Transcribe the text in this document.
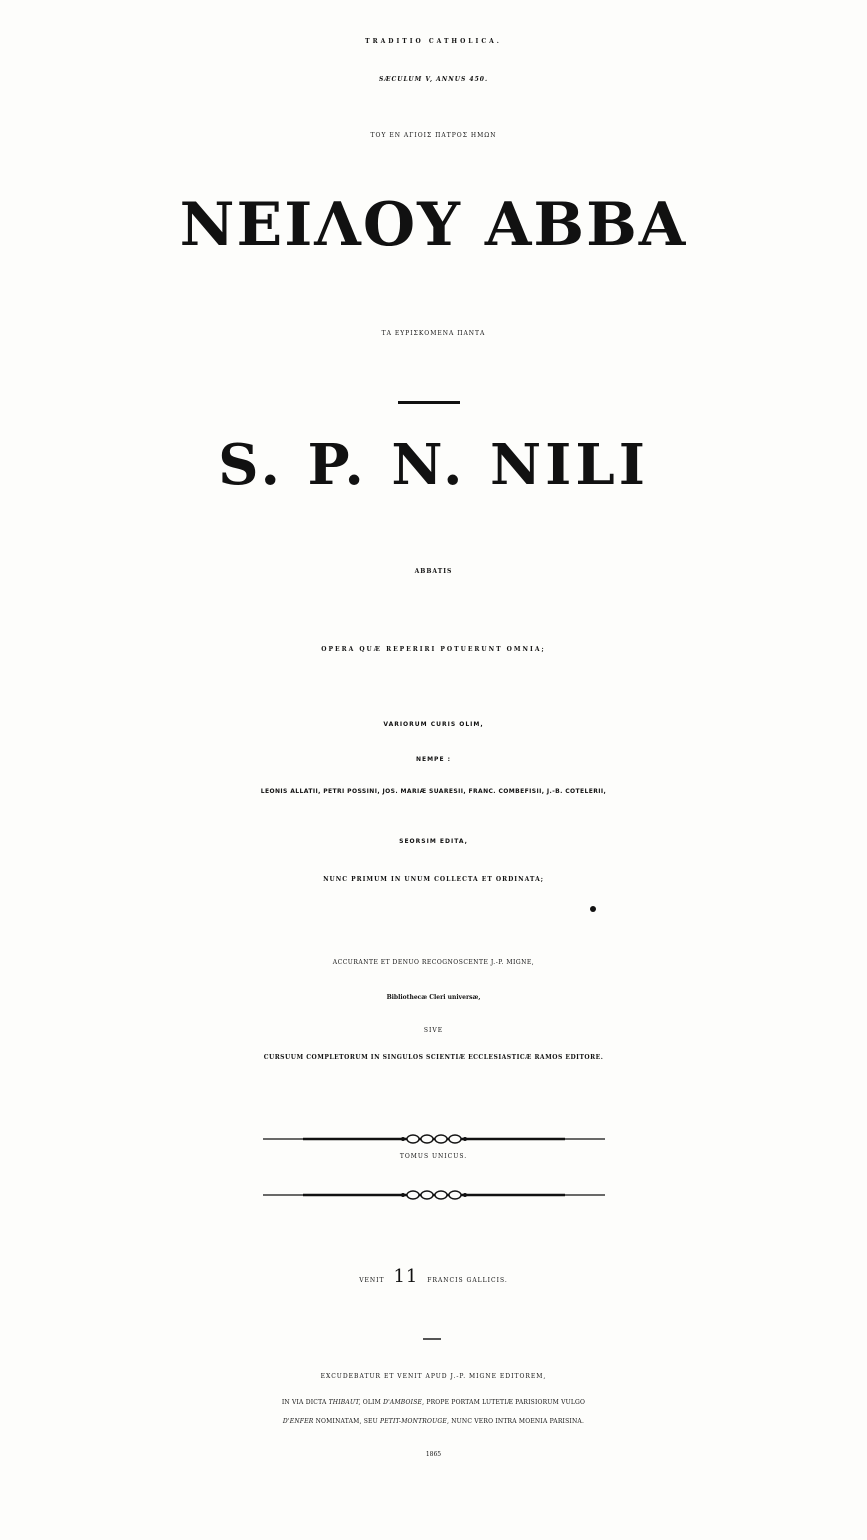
TRADITIO CATHOLICA.
SÆCULUM V, ANNUS 450.
ΤΟΥ ΕΝ ΑΓΙΟΙΣ ΠΑΤΡΟΣ ΗΜΩΝ
ΝΕΙΛΟΥ ΑΒΒΑ
ΤΑ ΕΥΡΙΣΚΟΜΕΝΑ ΠΑΝΤΑ
S. P. N. NILI
ABBATIS
OPERA QUÆ REPERIRI POTUERUNT OMNIA;
VARIORUM CURIS OLIM,
NEMPE :
LEONIS ALLATII, PETRI POSSINI, JOS. MARIÆ SUARESII, FRANC. COMBEFISII, J.-B. COTELERII,
SEORSIM EDITA,
NUNC PRIMUM IN UNUM COLLECTA ET ORDINATA;
ACCURANTE ET DENUO RECOGNOSCENTE J.-P. MIGNE,
Bibliothecæ Cleri universæ,
SIVE
CURSUUM COMPLETORUM IN SINGULOS SCIENTIÆ ECCLESIASTICÆ RAMOS EDITORE.
TOMUS UNICUS.
VENIT 11 FRANCIS GALLICIS.
EXCUDEBATUR ET VENIT APUD J.-P. MIGNE EDITOREM,
IN VIA DICTA THIBAUT, OLIM D'AMBOISE, PROPE PORTAM LUTETIÆ PARISIORUM VULGO
D'ENFER NOMINATAM, SEU PETIT-MONTROUGE, NUNC VERO INTRA MOENIA PARISINA.
1865
